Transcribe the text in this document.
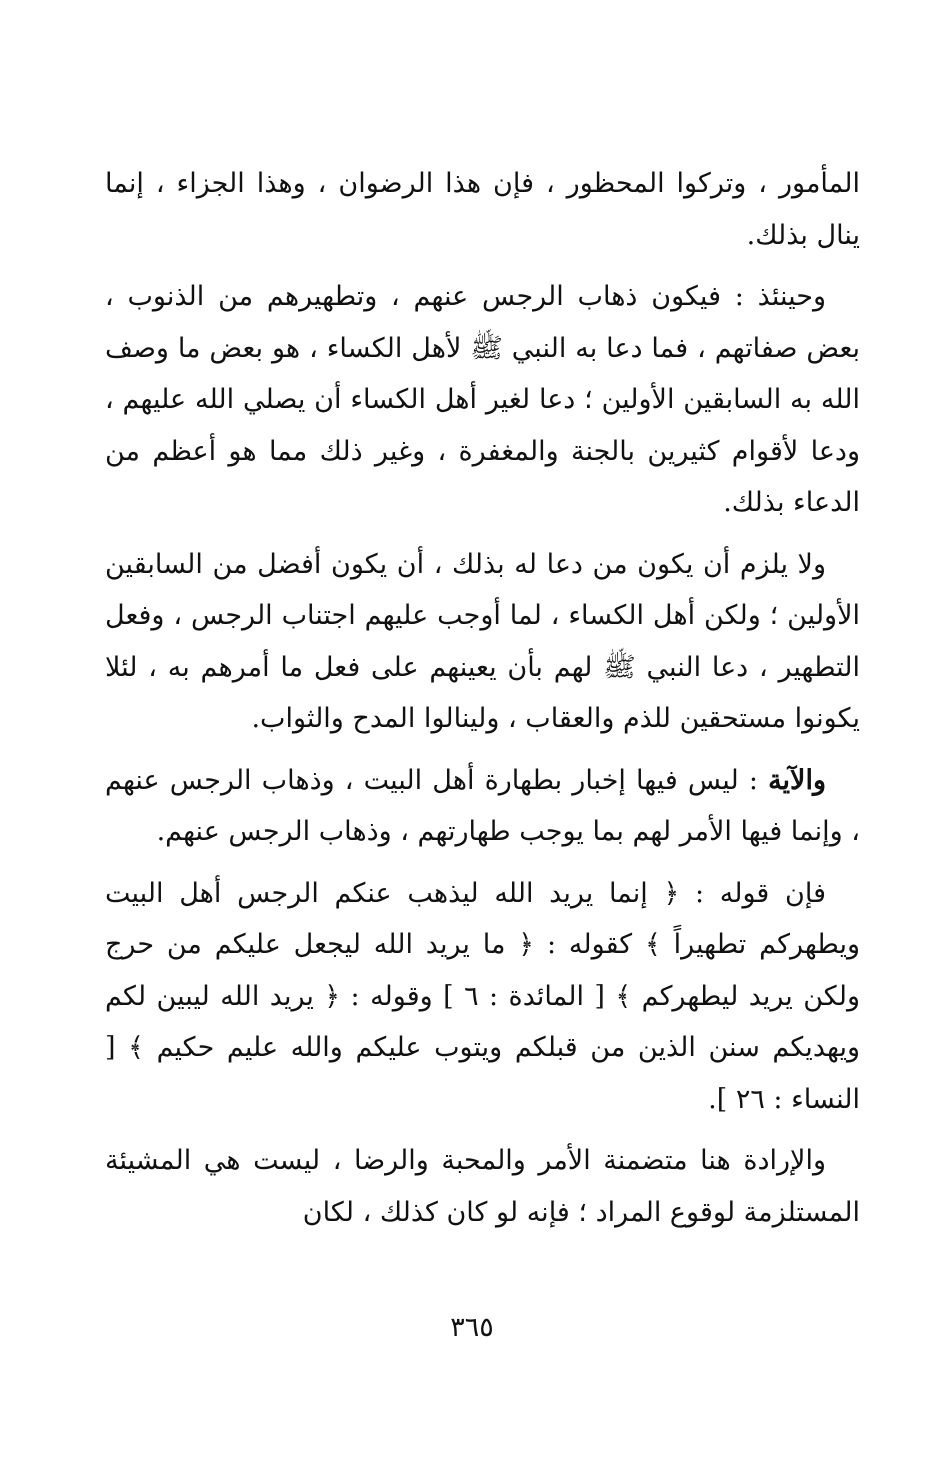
المأمور ، وتركوا المحظور ، فإن هذا الرضوان ، وهذا الجزاء ، إنما ينال بذلك.

وحينئذ : فيكون ذهاب الرجس عنهم ، وتطهيرهم من الذنوب ، بعض صفاتهم ، فما دعا به النبي ﷺ لأهل الكساء ، هو بعض ما وصف الله به السابقين الأولين ؛ دعا لغير أهل الكساء أن يصلي الله عليهم ، ودعا لأقوام كثيرين بالجنة والمغفرة ، وغير ذلك مما هو أعظم من الدعاء بذلك.

ولا يلزم أن يكون من دعا له بذلك ، أن يكون أفضل من السابقين الأولين ؛ ولكن أهل الكساء ، لما أوجب عليهم اجتناب الرجس ، وفعل التطهير ، دعا النبي ﷺ لهم بأن يعينهم على فعل ما أمرهم به ، لئلا يكونوا مستحقين للذم والعقاب ، ولينالوا المدح والثواب.

والآية : ليس فيها إخبار بطهارة أهل البيت ، وذهاب الرجس عنهم ، وإنما فيها الأمر لهم بما يوجب طهارتهم ، وذهاب الرجس عنهم.

فإن قوله : ﴿ إنما يريد الله ليذهب عنكم الرجس أهل البيت ويطهركم تطهيراً ﴾ كقوله : ﴿ ما يريد الله ليجعل عليكم من حرج ولكن يريد ليطهركم ﴾ [ المائدة : ٦ ] وقوله : ﴿ يريد الله ليبين لكم ويهديكم سنن الذين من قبلكم ويتوب عليكم والله عليم حكيم ﴾ [ النساء : ٢٦ ].

والإرادة هنا متضمنة الأمر والمحبة والرضا ، ليست هي المشيئة المستلزمة لوقوع المراد ؛ فإنه لو كان كذلك ، لكان

٣٦٥
